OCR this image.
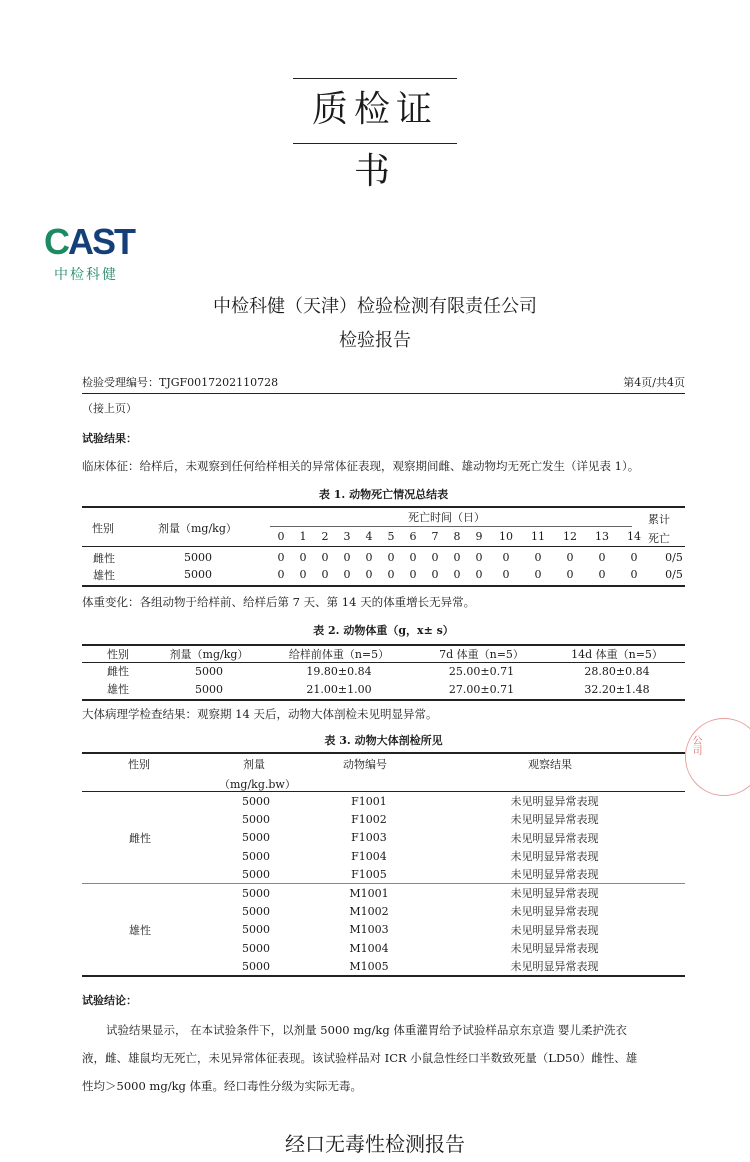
质检证书
CAST
中检科健
中检科健（天津）检验检测有限责任公司
检验报告
检验受理编号：TJGF0017202110728	第4页/共4页
（接上页）
试验结果：
临床体征：给样后，未观察到任何给样相关的异常体征表现，观察期间雌、雄动物均无死亡发生（详见表 1）。
表 1. 动物死亡情况总结表
性别	剂量（mg/kg）
死亡时间（日）	累计
死亡
0	1	2	3	4	5	6	7	8	9	10	11	12	13	14
雌性	5000		0	0	0	0	0	0	0	0	0	0	0	0	0	0	0	0/5
雄性	5000		0	0	0	0	0	0	0	0	0	0	0	0	0	0	0	0/5
体重变化：各组动物于给样前、给样后第 7 天、第 14 天的体重增长无异常。
表 2. 动物体重（g，x± s）
性别	剂量（mg/kg）	给样前体重（n=5）	7d 体重（n=5）	14d 体重（n=5）
雌性	5000	19.80±0.84	25.00±0.71	28.80±0.84
雄性	5000	21.00±1.00	27.00±0.71	32.20±1.48
大体病理学检查结果：观察期 14 天后，动物大体剖检未见明显异常。
表 3. 动物大体剖检所见
性别	剂量	动物编号	观察结果
（mg/kg.bw）
雌性	5000	F1001	未见明显异常表现
	5000	F1002	未见明显异常表现
	5000	F1003	未见明显异常表现
	5000	F1004	未见明显异常表现
	5000	F1005	未见明显异常表现
雄性	5000	M1001	未见明显异常表现
	5000	M1002	未见明显异常表现
	5000	M1003	未见明显异常表现
	5000	M1004	未见明显异常表现
	5000	M1005	未见明显异常表现
试验结论：
试验结果显示， 在本试验条件下，以剂量 5000 mg/kg 体重灌胃给予试验样品京东京造 婴儿柔护洗衣
液，雌、雄鼠均无死亡，未见异常体征表现。该试验样品对 ICR 小鼠急性经口半数致死量（LD50）雌性、雄
性均＞5000 mg/kg 体重。经口毒性分级为实际无毒。
公司
经口无毒性检测报告
